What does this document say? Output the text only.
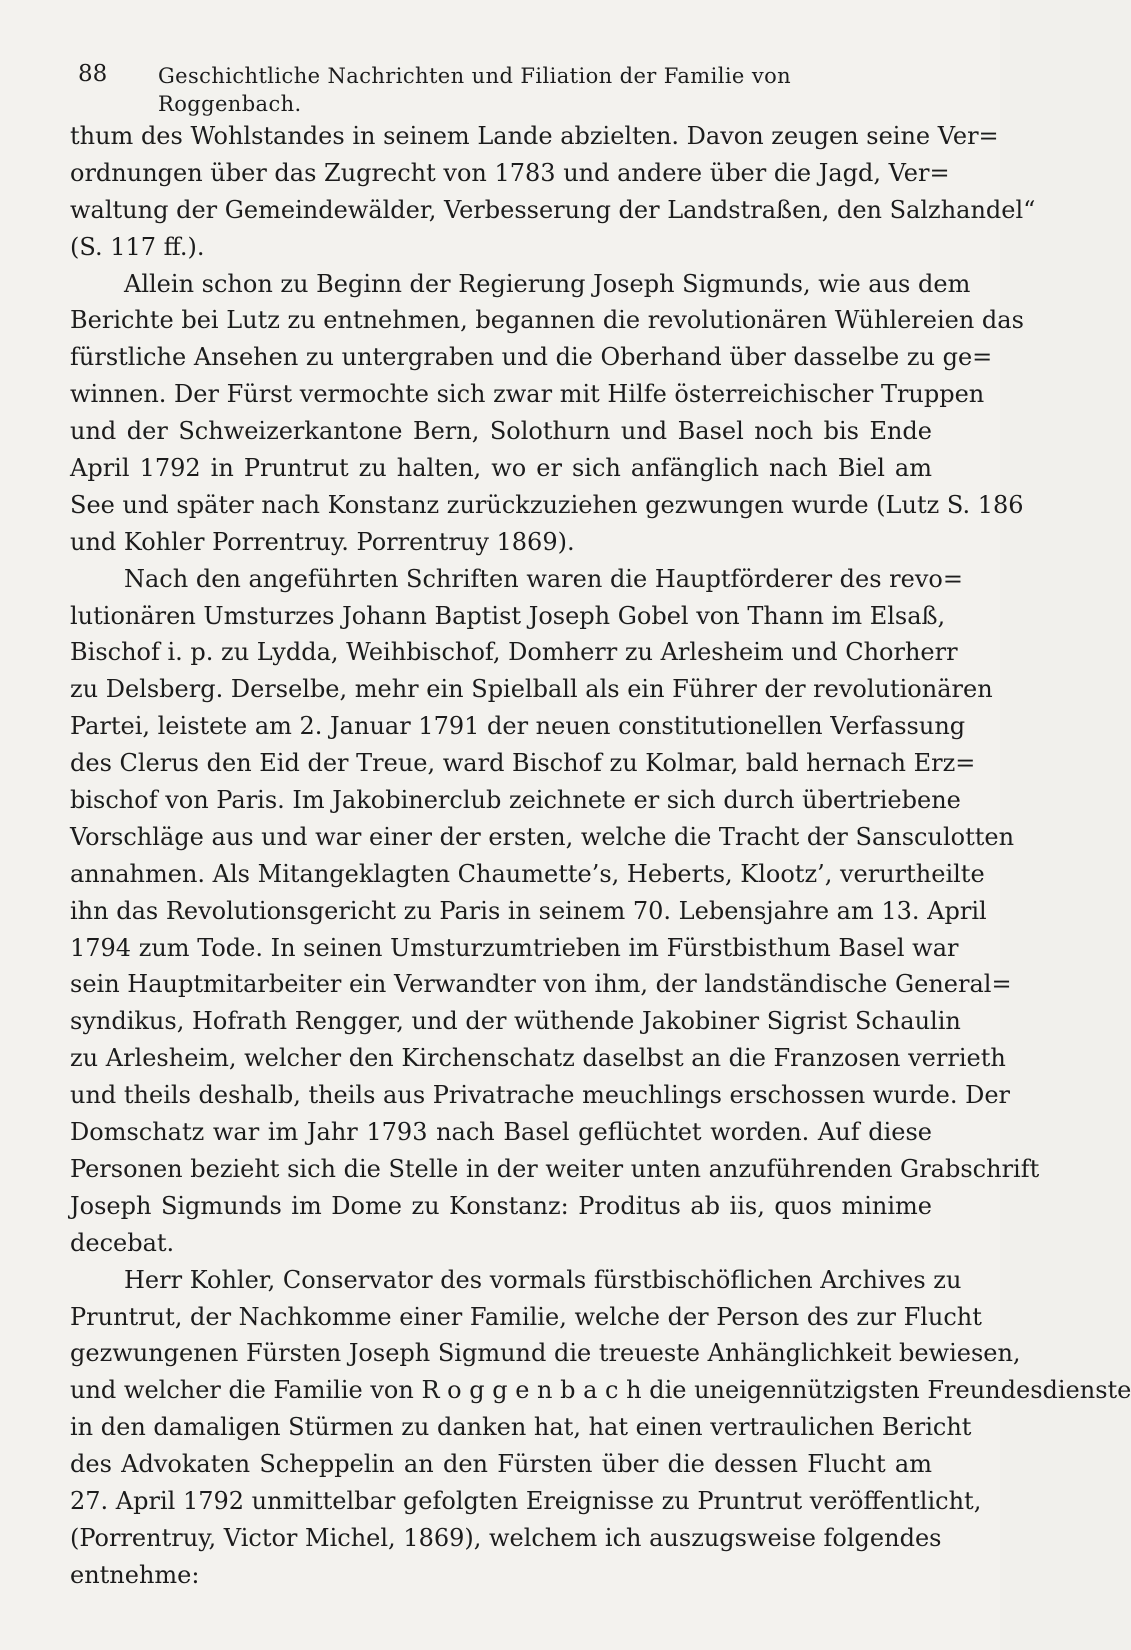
88 Geschichtliche Nachrichten und Filiation der Familie von Roggenbach.
thum des Wohlstandes in seinem Lande abzielten. Davon zeugen seine Ver=
ordnungen über das Zugrecht von 1783 und andere über die Jagd, Ver=
waltung der Gemeindewälder, Verbesserung der Landstraßen, den Salzhandel“
(S. 117 ff.).
Allein schon zu Beginn der Regierung Joseph Sigmunds, wie aus dem
Berichte bei Lutz zu entnehmen, begannen die revolutionären Wühlereien das
fürstliche Ansehen zu untergraben und die Oberhand über dasselbe zu ge=
winnen. Der Fürst vermochte sich zwar mit Hilfe österreichischer Truppen
und der Schweizerkantone Bern, Solothurn und Basel noch bis Ende
April 1792 in Pruntrut zu halten, wo er sich anfänglich nach Biel am
See und später nach Konstanz zurückzuziehen gezwungen wurde (Lutz S. 186
und Kohler Porrentruy. Porrentruy 1869).
Nach den angeführten Schriften waren die Hauptförderer des revo=
lutionären Umsturzes Johann Baptist Joseph Gobel von Thann im Elsaß,
Bischof i. p. zu Lydda, Weihbischof, Domherr zu Arlesheim und Chorherr
zu Delsberg. Derselbe, mehr ein Spielball als ein Führer der revolutionären
Partei, leistete am 2. Januar 1791 der neuen constitutionellen Verfassung
des Clerus den Eid der Treue, ward Bischof zu Kolmar, bald hernach Erz=
bischof von Paris. Im Jakobinerclub zeichnete er sich durch übertriebene
Vorschläge aus und war einer der ersten, welche die Tracht der Sansculotten
annahmen. Als Mitangeklagten Chaumette’s, Heberts, Klootz’, verurtheilte
ihn das Revolutionsgericht zu Paris in seinem 70. Lebensjahre am 13. April
1794 zum Tode. In seinen Umsturzumtrieben im Fürstbisthum Basel war
sein Hauptmitarbeiter ein Verwandter von ihm, der landständische General=
syndikus, Hofrath Rengger, und der wüthende Jakobiner Sigrist Schaulin
zu Arlesheim, welcher den Kirchenschatz daselbst an die Franzosen verrieth
und theils deshalb, theils aus Privatrache meuchlings erschossen wurde. Der
Domschatz war im Jahr 1793 nach Basel geflüchtet worden. Auf diese
Personen bezieht sich die Stelle in der weiter unten anzuführenden Grabschrift
Joseph Sigmunds im Dome zu Konstanz: Proditus ab iis, quos minime
decebat.
Herr Kohler, Conservator des vormals fürstbischöflichen Archives zu
Pruntrut, der Nachkomme einer Familie, welche der Person des zur Flucht
gezwungenen Fürsten Joseph Sigmund die treueste Anhänglichkeit bewiesen,
und welcher die Familie von R o g g e n b a c h die uneigennützigsten Freundesdienste
in den damaligen Stürmen zu danken hat, hat einen vertraulichen Bericht
des Advokaten Scheppelin an den Fürsten über die dessen Flucht am
27. April 1792 unmittelbar gefolgten Ereignisse zu Pruntrut veröffentlicht,
(Porrentruy, Victor Michel, 1869), welchem ich auszugsweise folgendes
entnehme:
